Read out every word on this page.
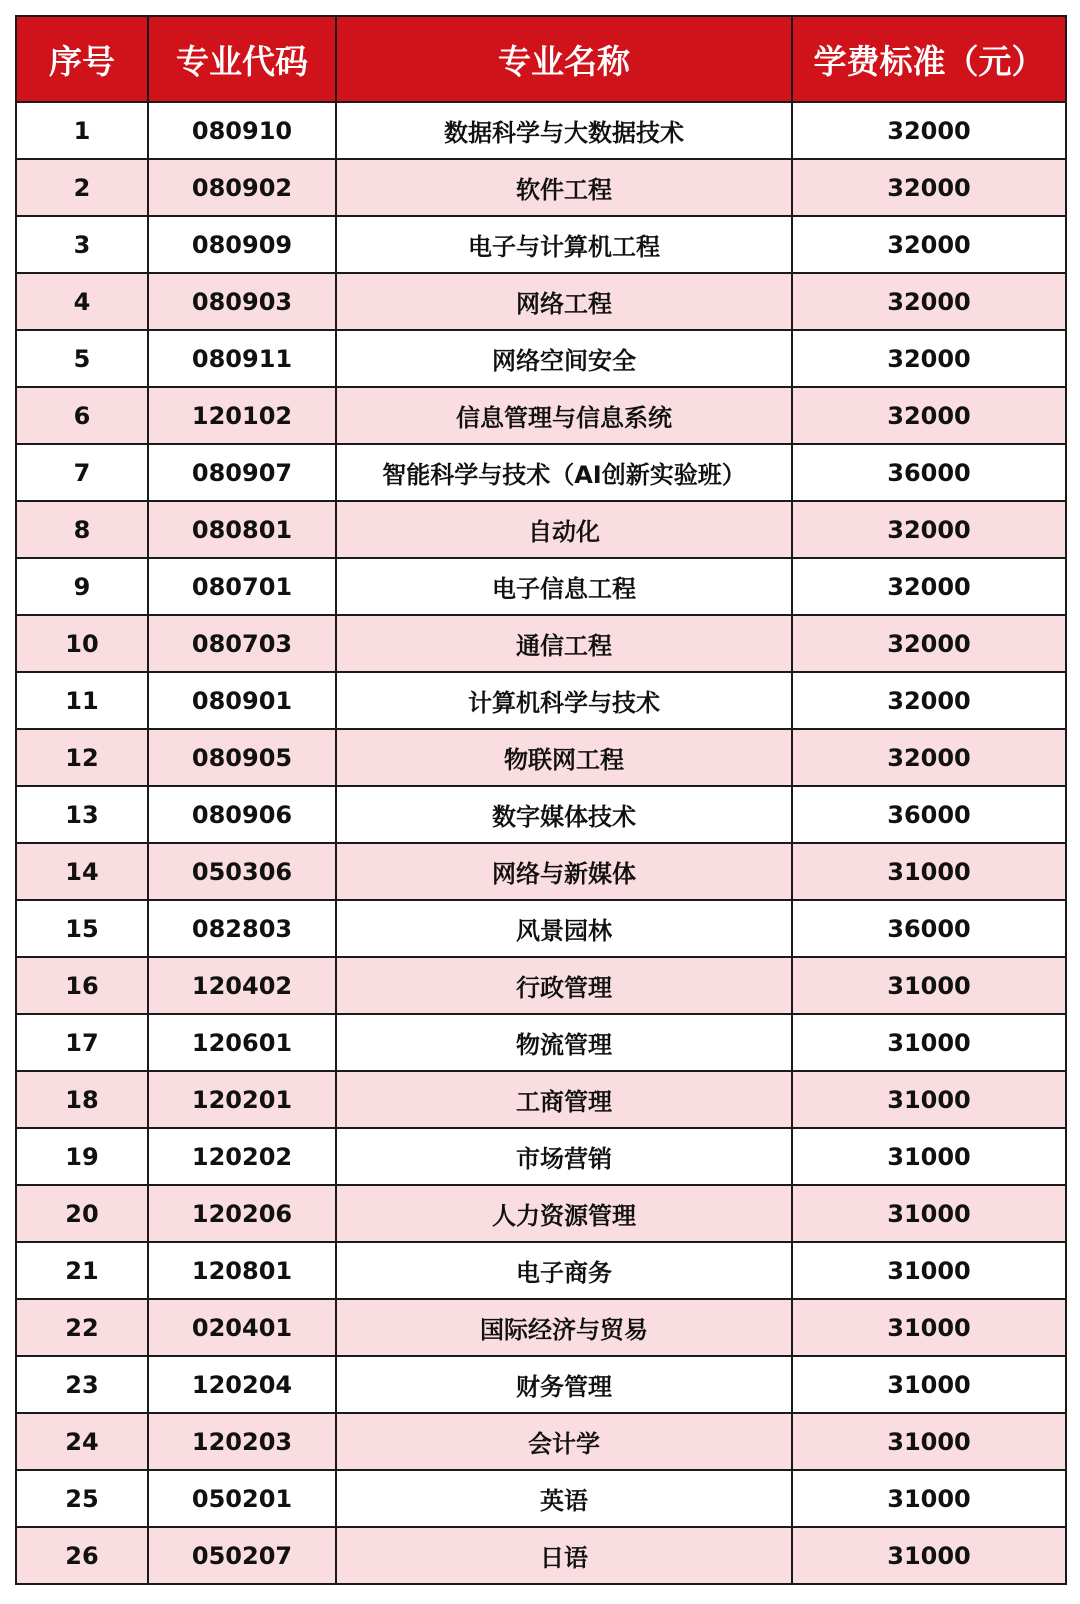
序号	专业代码	专业名称	学费标准（元）
1	080910	数据科学与大数据技术	32000
2	080902	软件工程	32000
3	080909	电子与计算机工程	32000
4	080903	网络工程	32000
5	080911	网络空间安全	32000
6	120102	信息管理与信息系统	32000
7	080907	智能科学与技术（AI创新实验班）	36000
8	080801	自动化	32000
9	080701	电子信息工程	32000
10	080703	通信工程	32000
11	080901	计算机科学与技术	32000
12	080905	物联网工程	32000
13	080906	数字媒体技术	36000
14	050306	网络与新媒体	31000
15	082803	风景园林	36000
16	120402	行政管理	31000
17	120601	物流管理	31000
18	120201	工商管理	31000
19	120202	市场营销	31000
20	120206	人力资源管理	31000
21	120801	电子商务	31000
22	020401	国际经济与贸易	31000
23	120204	财务管理	31000
24	120203	会计学	31000
25	050201	英语	31000
26	050207	日语	31000
